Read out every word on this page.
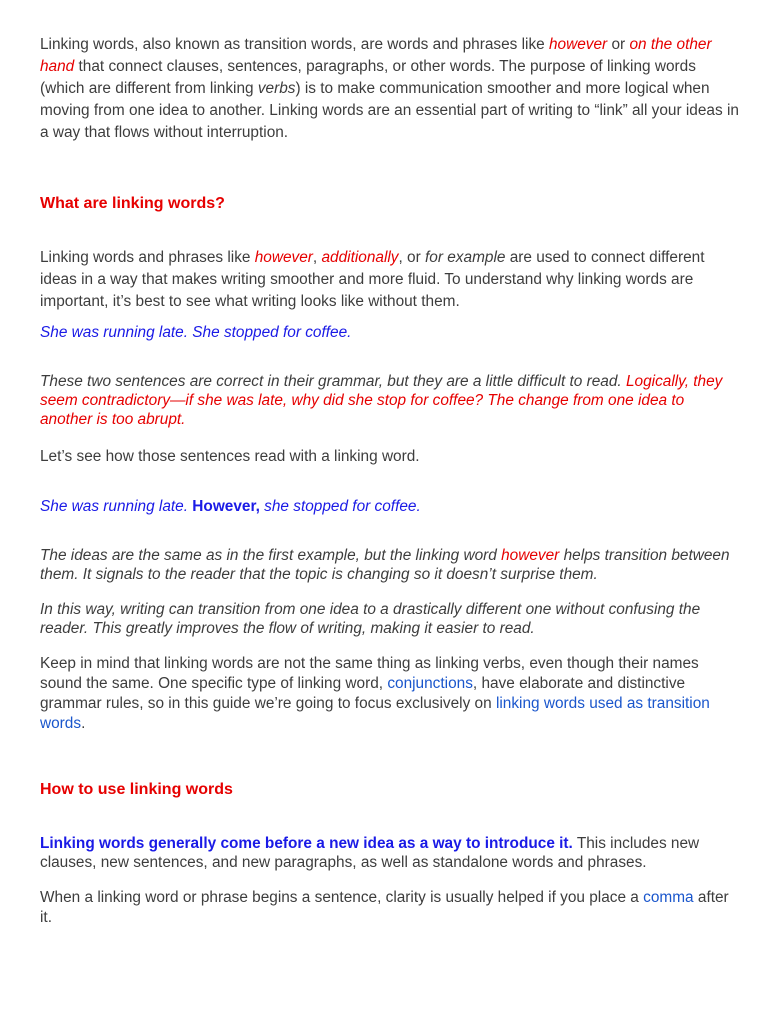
Linking words, also known as transition words, are words and phrases like however or on the other hand that connect clauses, sentences, paragraphs, or other words. The purpose of linking words (which are different from linking verbs) is to make communication smoother and more logical when moving from one idea to another. Linking words are an essential part of writing to “link” all your ideas in a way that flows without interruption.

What are linking words?

Linking words and phrases like however, additionally, or for example are used to connect different ideas in a way that makes writing smoother and more fluid. To understand why linking words are important, it’s best to see what writing looks like without them.

She was running late. She stopped for coffee.

These two sentences are correct in their grammar, but they are a little difficult to read. Logically, they seem contradictory—if she was late, why did she stop for coffee? The change from one idea to another is too abrupt.

Let’s see how those sentences read with a linking word.

She was running late. However, she stopped for coffee.

The ideas are the same as in the first example, but the linking word however helps transition between them. It signals to the reader that the topic is changing so it doesn’t surprise them.

In this way, writing can transition from one idea to a drastically different one without confusing the reader. This greatly improves the flow of writing, making it easier to read.

Keep in mind that linking words are not the same thing as linking verbs, even though their names sound the same. One specific type of linking word, conjunctions, have elaborate and distinctive grammar rules, so in this guide we’re going to focus exclusively on linking words used as transition words.

How to use linking words

Linking words generally come before a new idea as a way to introduce it. This includes new clauses, new sentences, and new paragraphs, as well as standalone words and phrases.

When a linking word or phrase begins a sentence, clarity is usually helped if you place a comma after it.
